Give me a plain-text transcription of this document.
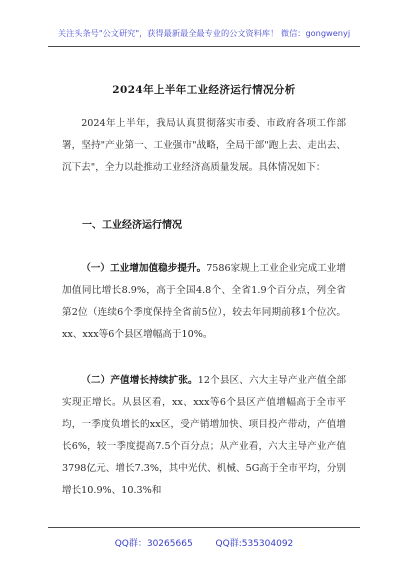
关注头条号"公文研究"，获得最新最全最专业的公文资料库！ 微信：gongwenyj
2024年上半年工业经济运行情况分析

2024年上半年，我局认真贯彻落实市委、市政府各项工作部署，坚持"产业第一、工业强市"战略，全局干部"跑上去、走出去、沉下去"，全力以赴推动工业经济高质量发展。具体情况如下：

一、工业经济运行情况

（一）工业增加值稳步提升。7586家规上工业企业完成工业增加值同比增长8.9%，高于全国4.8个、全省1.9个百分点，列全省第2位（连续6个季度保持全省前5位），较去年同期前移1个位次。xx、xxx等6个县区增幅高于10%。

（二）产值增长持续扩张。12个县区、六大主导产业产值全部实现正增长。从县区看，xx、xxx等6个县区产值增幅高于全市平均，一季度负增长的xx区，受产销增加快、项目投产带动，产值增长6%，较一季度提高7.5个百分点；从产业看，六大主导产业产值3798亿元、增长7.3%，其中光伏、机械、5G高于全市平均，分别增长10.9%、10.3%和

QQ群：30265665        QQ群:535304092
